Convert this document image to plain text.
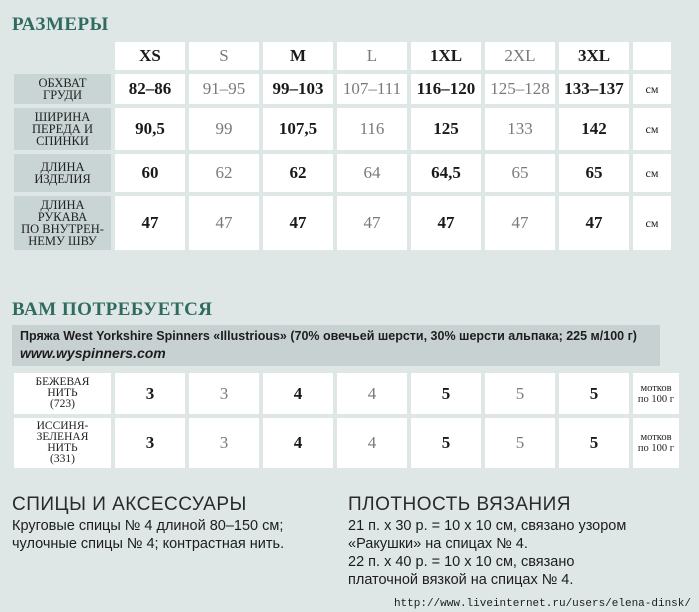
РАЗМЕРЫ
	XS	S	M	L	1XL	2XL	3XL	
ОБХВАТ
ГРУДИ	82–86	91–95	99–103	107–111	116–120	125–128	133–137	см
ШИРИНА
ПЕРЕДА И
СПИНКИ	90,5	99	107,5	116	125	133	142	см
ДЛИНА
ИЗДЕЛИЯ	60	62	62	64	64,5	65	65	см
ДЛИНА
РУКАВА
ПО ВНУТРЕН-
НЕМУ ШВУ	47	47	47	47	47	47	47	см
ВАМ ПОТРЕБУЕТСЯ
Пряжа West Yorkshire Spinners «Illustrious» (70% овечьей шерсти, 30% шерсти альпака; 225 м/100 г)
www.wyspinners.com
БЕЖЕВАЯ
НИТЬ
(723)	3	3	4	4	5	5	5	мотков
по 100 г
ИССИНЯ-
ЗЕЛЕНАЯ
НИТЬ
(331)	3	3	4	4	5	5	5	мотков
по 100 г
СПИЦЫ И АКСЕССУАРЫ
Круговые спицы № 4 длиной 80–150 см;
чулочные спицы № 4; контрастная нить.
ПЛОТНОСТЬ ВЯЗАНИЯ
21 п. х 30 р. = 10 х 10 см, связано узором
«Ракушки» на спицах № 4.
22 п. х 40 р. = 10 х 10 см, связано
платочной вязкой на спицах № 4.
http://www.liveinternet.ru/users/elena-dinsk/
